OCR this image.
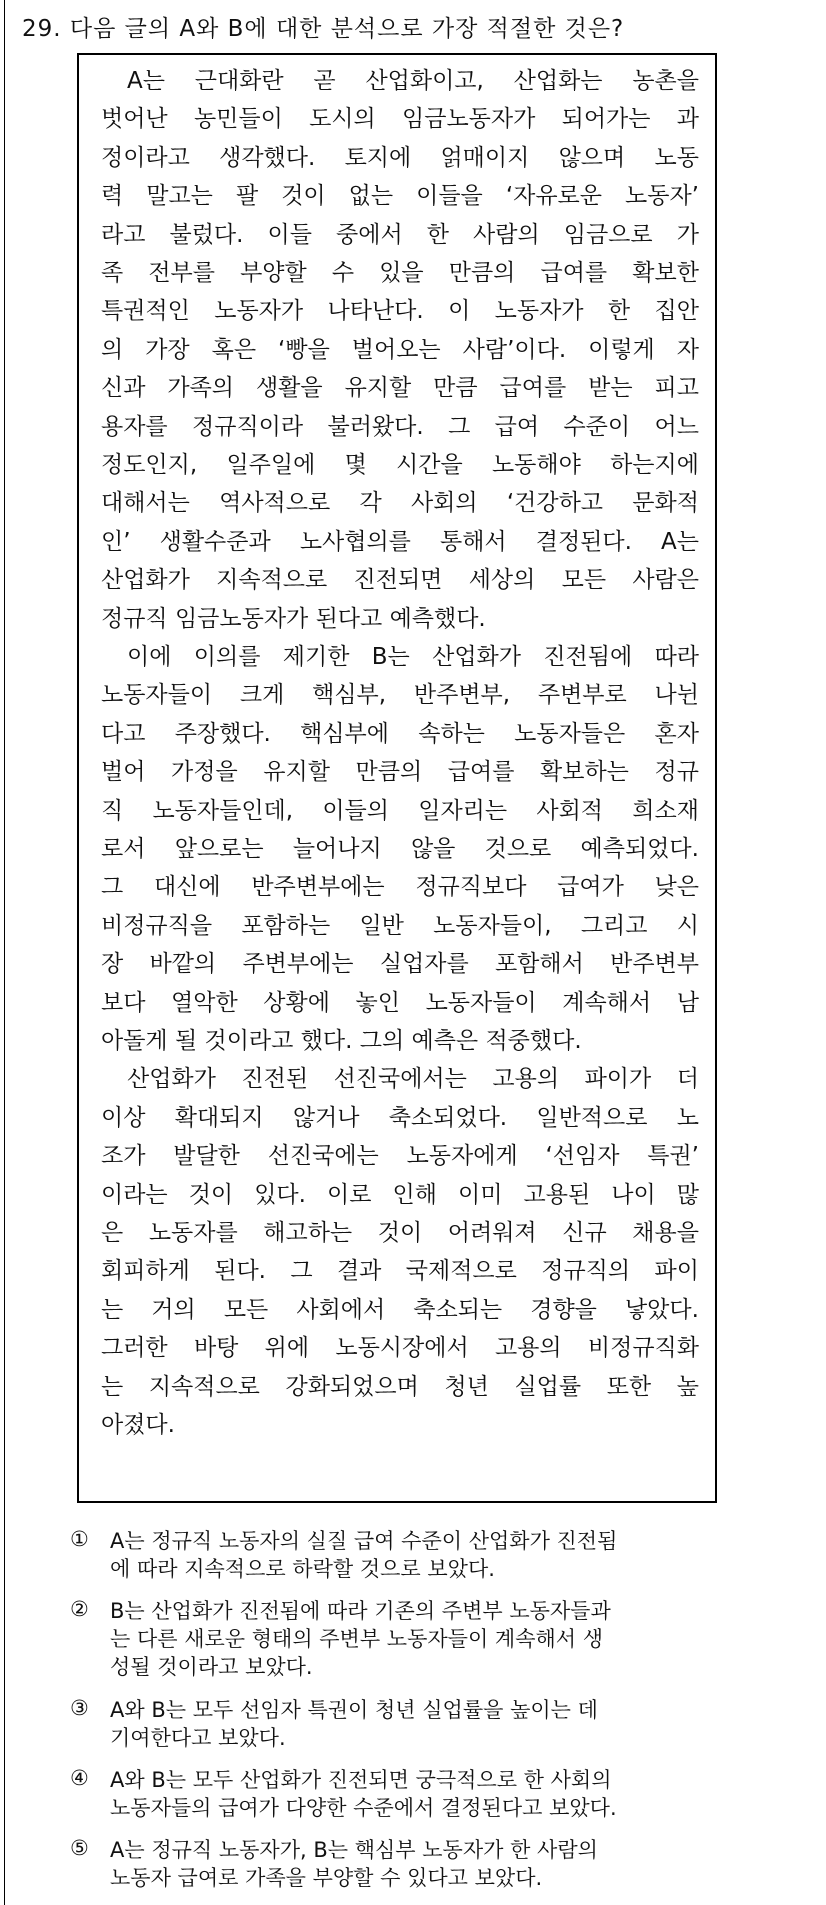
29. 다음 글의 A와 B에 대한 분석으로 가장 적절한 것은?
A는 근대화란 곧 산업화이고, 산업화는 농촌을
벗어난 농민들이 도시의 임금노동자가 되어가는 과
정이라고 생각했다. 토지에 얽매이지 않으며 노동
력 말고는 팔 것이 없는 이들을 ‘자유로운 노동자’
라고 불렀다. 이들 중에서 한 사람의 임금으로 가
족 전부를 부양할 수 있을 만큼의 급여를 확보한
특권적인 노동자가 나타난다. 이 노동자가 한 집안
의 가장 혹은 ‘빵을 벌어오는 사람’이다. 이렇게 자
신과 가족의 생활을 유지할 만큼 급여를 받는 피고
용자를 정규직이라 불러왔다. 그 급여 수준이 어느
정도인지, 일주일에 몇 시간을 노동해야 하는지에
대해서는 역사적으로 각 사회의 ‘건강하고 문화적
인’ 생활수준과 노사협의를 통해서 결정된다. A는
산업화가 지속적으로 진전되면 세상의 모든 사람은
정규직 임금노동자가 된다고 예측했다.
이에 이의를 제기한 B는 산업화가 진전됨에 따라
노동자들이 크게 핵심부, 반주변부, 주변부로 나뉜
다고 주장했다. 핵심부에 속하는 노동자들은 혼자
벌어 가정을 유지할 만큼의 급여를 확보하는 정규
직 노동자들인데, 이들의 일자리는 사회적 희소재
로서 앞으로는 늘어나지 않을 것으로 예측되었다.
그 대신에 반주변부에는 정규직보다 급여가 낮은
비정규직을 포함하는 일반 노동자들이, 그리고 시
장 바깥의 주변부에는 실업자를 포함해서 반주변부
보다 열악한 상황에 놓인 노동자들이 계속해서 남
아돌게 될 것이라고 했다. 그의 예측은 적중했다.
산업화가 진전된 선진국에서는 고용의 파이가 더
이상 확대되지 않거나 축소되었다. 일반적으로 노
조가 발달한 선진국에는 노동자에게 ‘선임자 특권’
이라는 것이 있다. 이로 인해 이미 고용된 나이 많
은 노동자를 해고하는 것이 어려워져 신규 채용을
회피하게 된다. 그 결과 국제적으로 정규직의 파이
는 거의 모든 사회에서 축소되는 경향을 낳았다.
그러한 바탕 위에 노동시장에서 고용의 비정규직화
는 지속적으로 강화되었으며 청년 실업률 또한 높
아졌다.
① A는 정규직 노동자의 실질 급여 수준이 산업화가 진전됨
에 따라 지속적으로 하락할 것으로 보았다.
② B는 산업화가 진전됨에 따라 기존의 주변부 노동자들과
는 다른 새로운 형태의 주변부 노동자들이 계속해서 생
성될 것이라고 보았다.
③ A와 B는 모두 선임자 특권이 청년 실업률을 높이는 데
기여한다고 보았다.
④ A와 B는 모두 산업화가 진전되면 궁극적으로 한 사회의
노동자들의 급여가 다양한 수준에서 결정된다고 보았다.
⑤ A는 정규직 노동자가, B는 핵심부 노동자가 한 사람의
노동자 급여로 가족을 부양할 수 있다고 보았다.
